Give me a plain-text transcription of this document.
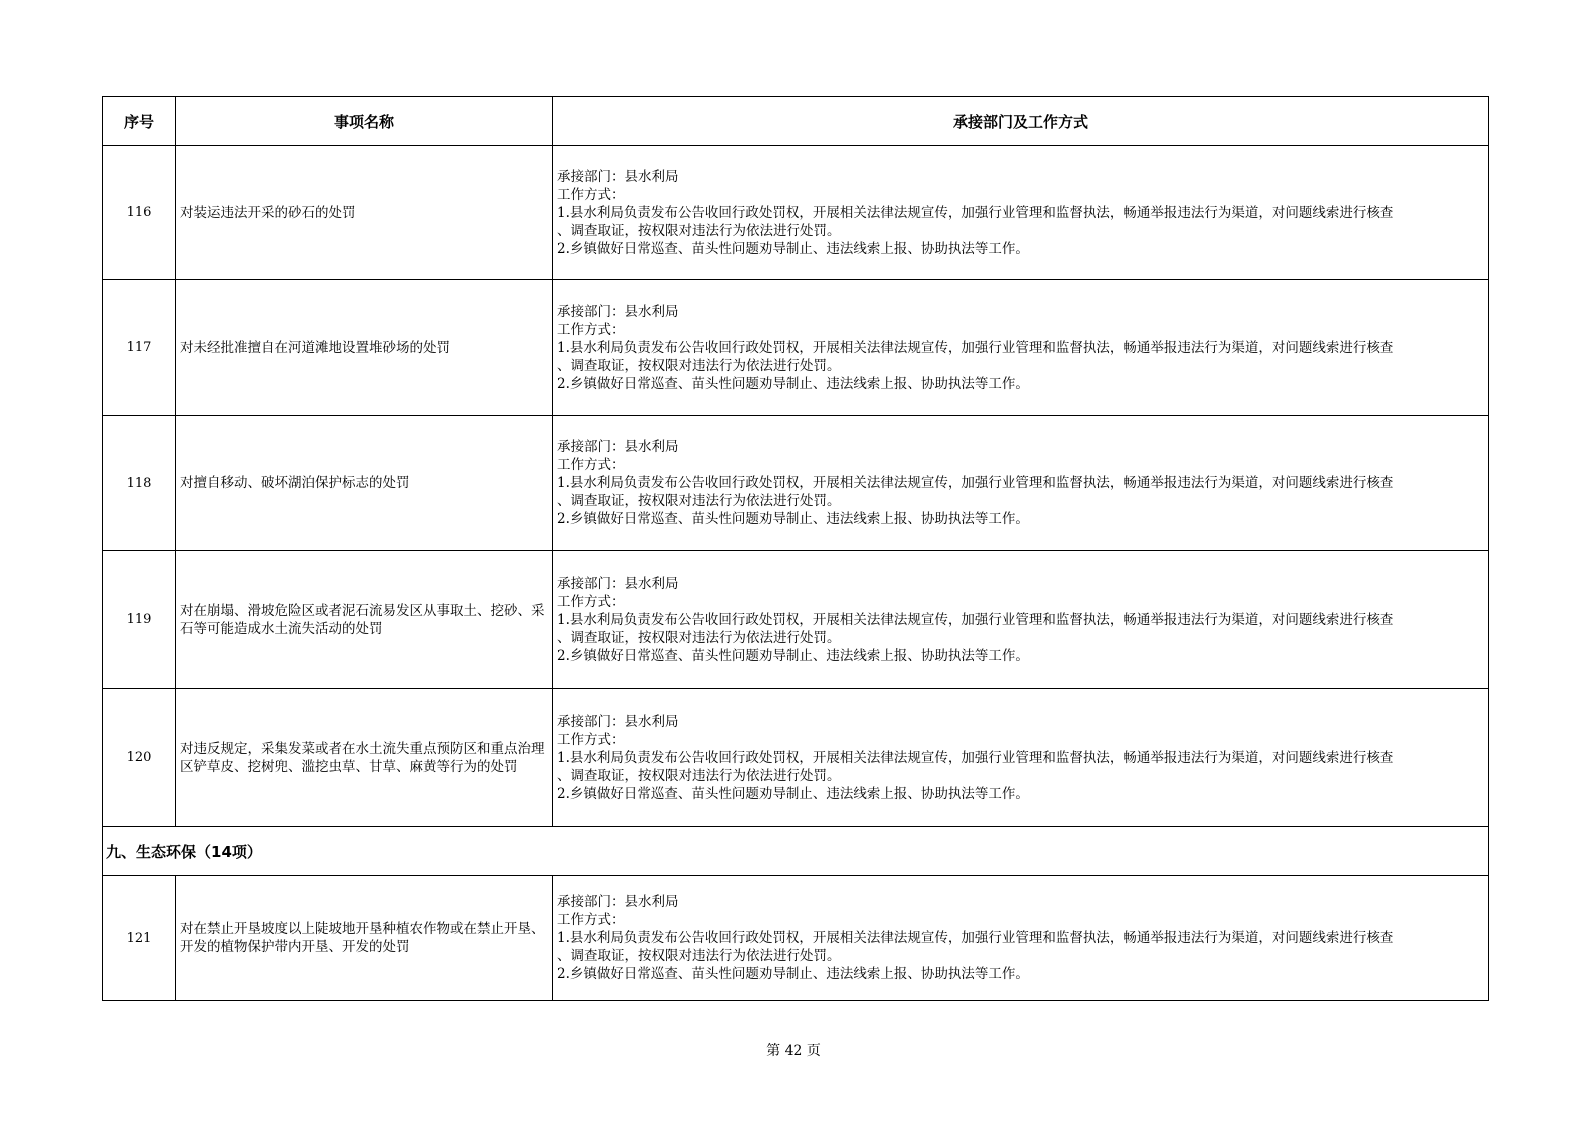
序号	事项名称	承接部门及工作方式
116	对装运违法开采的砂石的处罚	承接部门：县水利局
工作方式：
1.县水利局负责发布公告收回行政处罚权，开展相关法律法规宣传，加强行业管理和监督执法，畅通举报违法行为渠道，对问题线索进行核查
、调查取证，按权限对违法行为依法进行处罚。
2.乡镇做好日常巡查、苗头性问题劝导制止、违法线索上报、协助执法等工作。

117	对未经批准擅自在河道滩地设置堆砂场的处罚	承接部门：县水利局
工作方式：
1.县水利局负责发布公告收回行政处罚权，开展相关法律法规宣传，加强行业管理和监督执法，畅通举报违法行为渠道，对问题线索进行核查
、调查取证，按权限对违法行为依法进行处罚。
2.乡镇做好日常巡查、苗头性问题劝导制止、违法线索上报、协助执法等工作。

118	对擅自移动、破坏湖泊保护标志的处罚	承接部门：县水利局
工作方式：
1.县水利局负责发布公告收回行政处罚权，开展相关法律法规宣传，加强行业管理和监督执法，畅通举报违法行为渠道，对问题线索进行核查
、调查取证，按权限对违法行为依法进行处罚。
2.乡镇做好日常巡查、苗头性问题劝导制止、违法线索上报、协助执法等工作。

119	对在崩塌、滑坡危险区或者泥石流易发区从事取土、挖砂、采石等可能造成水土流失活动的处罚	承接部门：县水利局
工作方式：
1.县水利局负责发布公告收回行政处罚权，开展相关法律法规宣传，加强行业管理和监督执法，畅通举报违法行为渠道，对问题线索进行核查
、调查取证，按权限对违法行为依法进行处罚。
2.乡镇做好日常巡查、苗头性问题劝导制止、违法线索上报、协助执法等工作。

120	对违反规定，采集发菜或者在水土流失重点预防区和重点治理区铲草皮、挖树兜、滥挖虫草、甘草、麻黄等行为的处罚	承接部门：县水利局
工作方式：
1.县水利局负责发布公告收回行政处罚权，开展相关法律法规宣传，加强行业管理和监督执法，畅通举报违法行为渠道，对问题线索进行核查
、调查取证，按权限对违法行为依法进行处罚。
2.乡镇做好日常巡查、苗头性问题劝导制止、违法线索上报、协助执法等工作。

九、生态环保（14项）		
121	对在禁止开垦坡度以上陡坡地开垦种植农作物或在禁止开垦、开发的植物保护带内开垦、开发的处罚	承接部门：县水利局
工作方式：
1.县水利局负责发布公告收回行政处罚权，开展相关法律法规宣传，加强行业管理和监督执法，畅通举报违法行为渠道，对问题线索进行核查
、调查取证，按权限对违法行为依法进行处罚。
2.乡镇做好日常巡查、苗头性问题劝导制止、违法线索上报、协助执法等工作。
第 42 页
